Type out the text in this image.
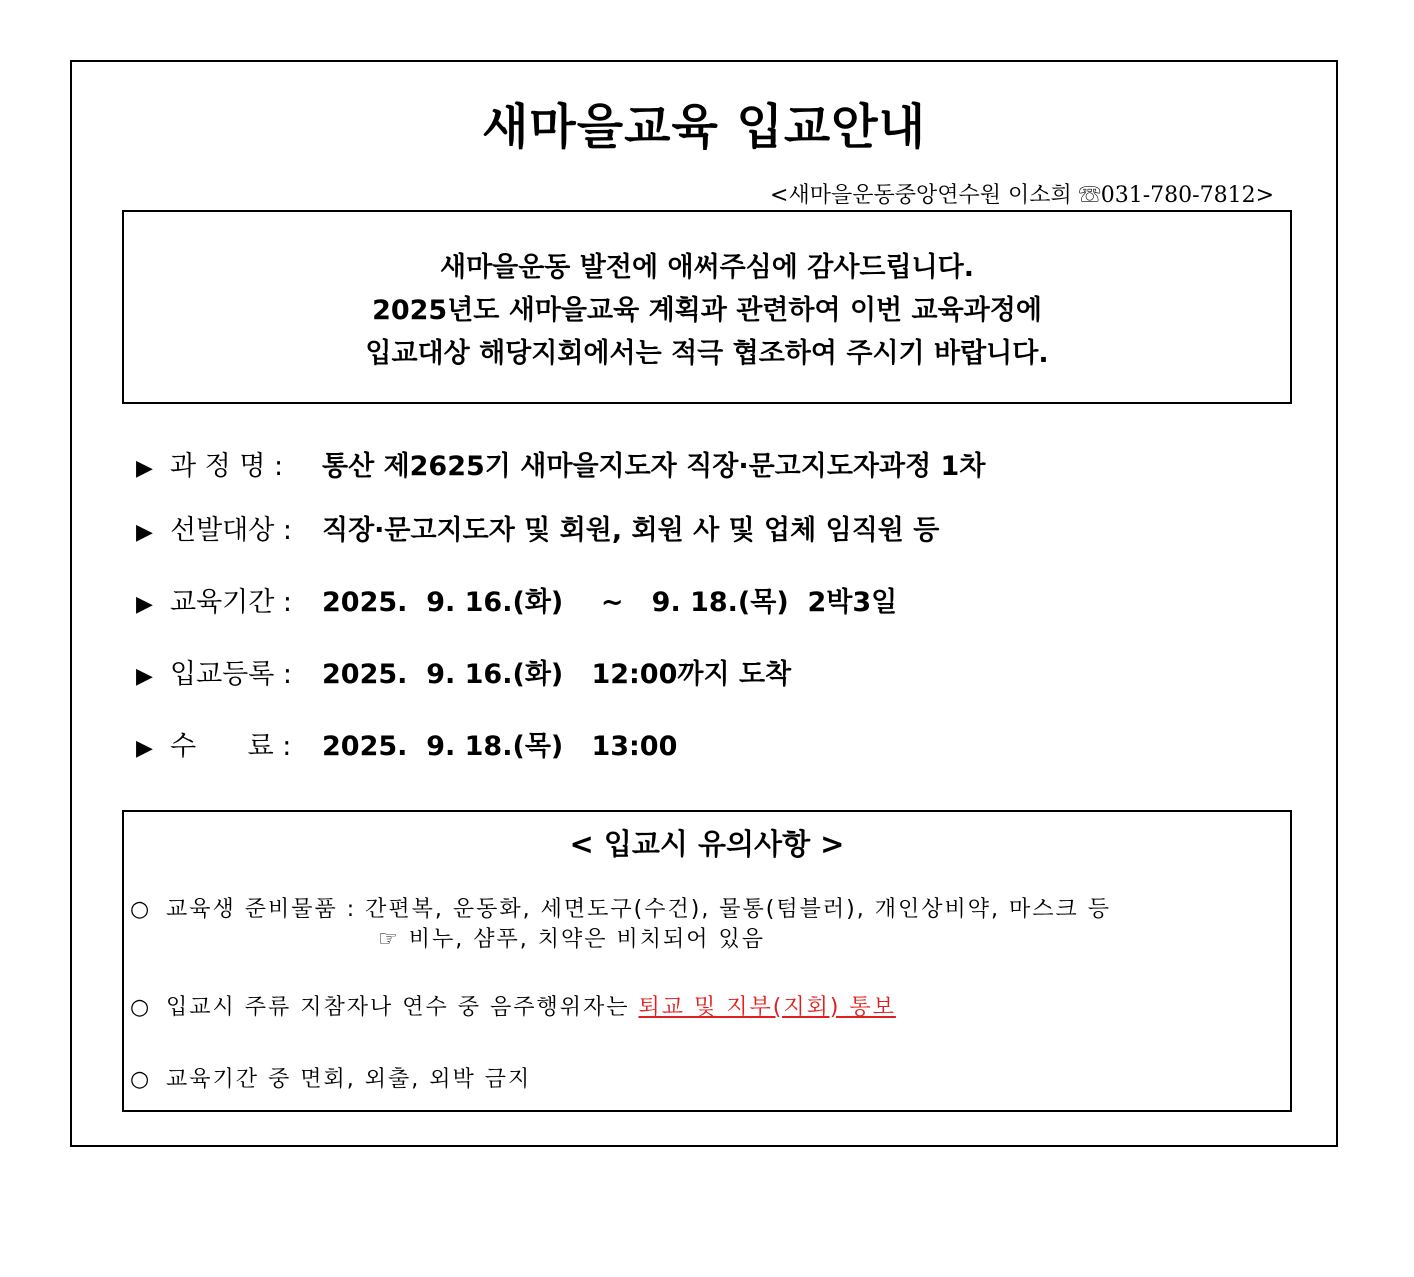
새마을교육 입교안내
<새마을운동중앙연수원 이소희 ☏031-780-7812>
새마을운동 발전에 애써주심에 감사드립니다.
2025년도 새마을교육 계획과 관련하여 이번 교육과정에
입교대상 해당지회에서는 적극 협조하여 주시기 바랍니다.
▶ 과 정 명 : 통산 제2625기 새마을지도자 직장·문고지도자과정 1차
▶ 선발대상 : 직장·문고지도자 및 회원, 회원 사 및 업체 임직원 등
▶ 교육기간 : 2025.  9. 16.(화)    ~   9. 18.(목)  2박3일
▶ 입교등록 : 2025.  9. 16.(화)   12:00까지 도착
▶ 수      료 : 2025.  9. 18.(목)   13:00
< 입교시 유의사항 >
○ 교육생 준비물품 : 간편복, 운동화, 세면도구(수건), 물통(텀블러), 개인상비약, 마스크 등
☞ 비누, 샴푸, 치약은 비치되어 있음
○ 입교시 주류 지참자나 연수 중 음주행위자는 퇴교 및 지부(지회) 통보
○ 교육기간 중 면회, 외출, 외박 금지
